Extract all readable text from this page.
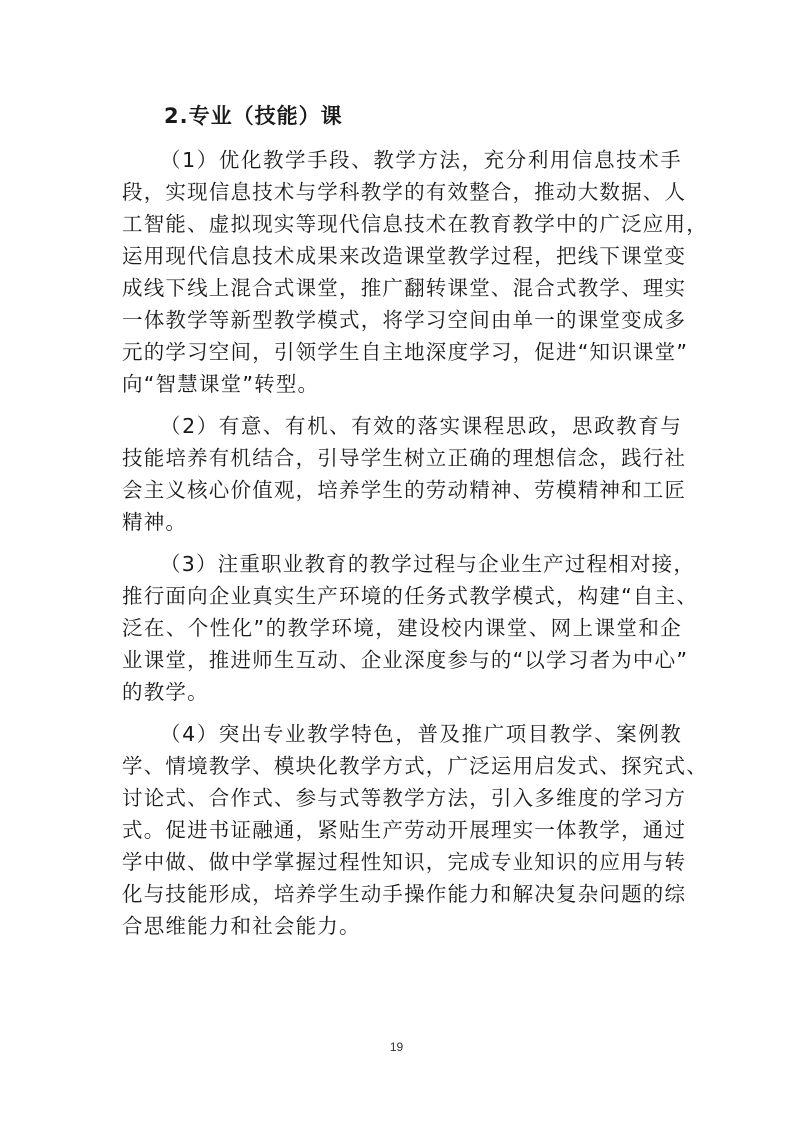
2.专业（技能）课
（1）优化教学手段、教学方法，充分利用信息技术手
段，实现信息技术与学科教学的有效整合，推动大数据、人
工智能、虚拟现实等现代信息技术在教育教学中的广泛应用，
运用现代信息技术成果来改造课堂教学过程，把线下课堂变
成线下线上混合式课堂，推广翻转课堂、混合式教学、理实
一体教学等新型教学模式，将学习空间由单一的课堂变成多
元的学习空间，引领学生自主地深度学习，促进“知识课堂”
向“智慧课堂”转型。
（2）有意、有机、有效的落实课程思政，思政教育与
技能培养有机结合，引导学生树立正确的理想信念，践行社
会主义核心价值观，培养学生的劳动精神、劳模精神和工匠
精神。
（3）注重职业教育的教学过程与企业生产过程相对接，
推行面向企业真实生产环境的任务式教学模式，构建“自主、
泛在、个性化”的教学环境，建设校内课堂、网上课堂和企
业课堂，推进师生互动、企业深度参与的“以学习者为中心”
的教学。
（4）突出专业教学特色，普及推广项目教学、案例教
学、情境教学、模块化教学方式，广泛运用启发式、探究式、
讨论式、合作式、参与式等教学方法，引入多维度的学习方
式。促进书证融通，紧贴生产劳动开展理实一体教学，通过
学中做、做中学掌握过程性知识，完成专业知识的应用与转
化与技能形成，培养学生动手操作能力和解决复杂问题的综
合思维能力和社会能力。
19
